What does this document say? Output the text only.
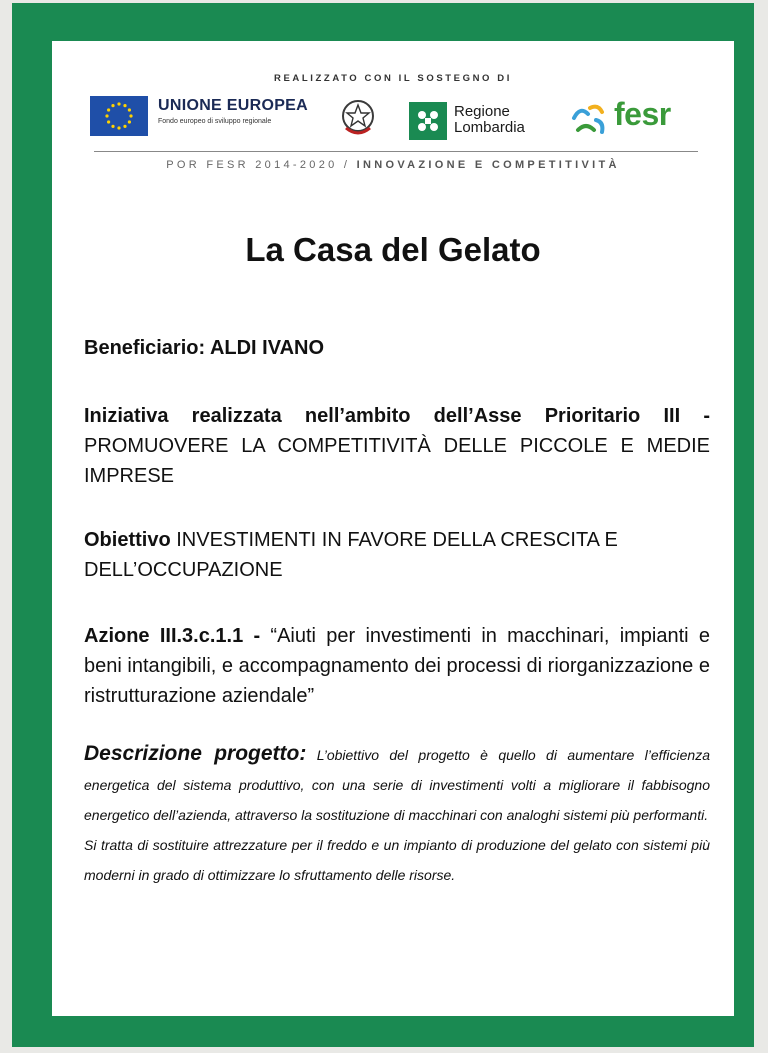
REALIZZATO CON IL SOSTEGNO DI
UNIONE EUROPEA
Fondo europeo di sviluppo regionale
Regione
Lombardia	fesr
POR FESR 2014-2020 / INNOVAZIONE E COMPETITIVITÀ
La Casa del Gelato
Beneficiario: ALDI IVANO
Iniziativa realizzata nell’ambito dell’Asse Prioritario III - PROMUOVERE LA COMPETITIVITÀ DELLE PICCOLE E MEDIE IMPRESE
Obiettivo INVESTIMENTI IN FAVORE DELLA CRESCITA E DELL’OCCUPAZIONE
Azione III.3.c.1.1 - “Aiuti per investimenti in macchinari, impianti e beni intangibili, e accompagnamento dei processi di riorganizzazione e ristrutturazione aziendale”
Descrizione progetto: L’obiettivo del progetto è quello di aumentare l’efficienza energetica del sistema produttivo, con una serie di investimenti volti a migliorare il fabbisogno energetico dell’azienda, attraverso la sostituzione di macchinari con analoghi sistemi più performanti.
Si tratta di sostituire attrezzature per il freddo e un impianto di produzione del gelato con sistemi più moderni in grado di ottimizzare lo sfruttamento delle risorse.
